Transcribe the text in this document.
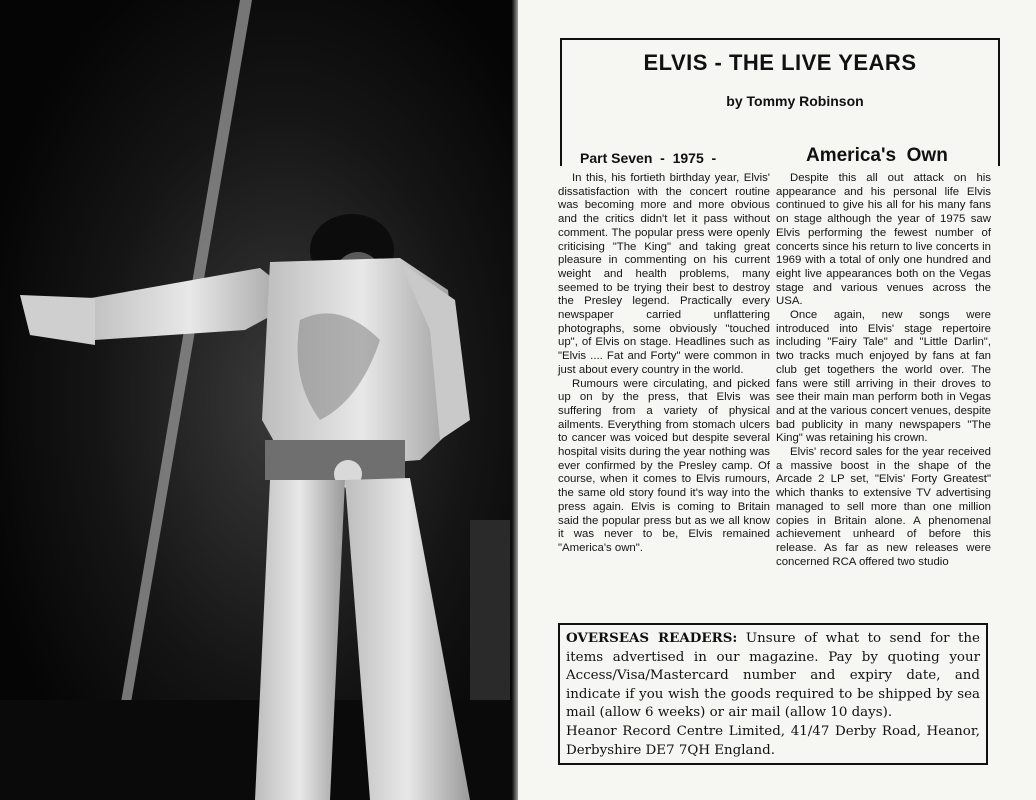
ELVIS - THE LIVE YEARS
by Tommy Robinson
Part Seven  -  1975  -	America's  Own

In this, his fortieth birthday year, Elvis' dissatisfaction with the concert routine was becoming more and more obvious and the critics didn't let it pass without comment. The popular press were openly criticising "The King" and taking great pleasure in commenting on his current weight and health problems, many seemed to be trying their best to destroy the Presley legend. Practically every newspaper carried unflattering photographs, some obviously "touched up", of Elvis on stage. Headlines such as "Elvis .... Fat and Forty" were common in just about every country in the world.

Rumours were circulating, and picked up on by the press, that Elvis was suffering from a variety of physical ailments. Everything from stomach ulcers to cancer was voiced but despite several hospital visits during the year nothing was ever confirmed by the Presley camp. Of course, when it comes to Elvis rumours, the same old story found it's way into the press again. Elvis is coming to Britain said the popular press but as we all know it was never to be, Elvis remained "America's own".

Despite this all out attack on his appearance and his personal life Elvis continued to give his all for his many fans on stage although the year of 1975 saw Elvis performing the fewest number of concerts since his return to live concerts in 1969 with a total of only one hundred and eight live appearances both on the Vegas stage and various venues across the USA.

Once again, new songs were introduced into Elvis' stage repertoire including "Fairy Tale" and "Little Darlin", two tracks much enjoyed by fans at fan club get togethers the world over. The fans were still arriving in their droves to see their main man perform both in Vegas and at the various concert venues, despite bad publicity in many newspapers "The King" was retaining his crown.

Elvis' record sales for the year received a massive boost in the shape of the Arcade 2 LP set, "Elvis' Forty Greatest" which thanks to extensive TV advertising managed to sell more than one million copies in Britain alone. A phenomenal achievement unheard of before this release. As far as new releases were concerned RCA offered two studio

OVERSEAS READERS: Unsure of what to send for the items advertised in our magazine. Pay by quoting your Access/Visa/Mastercard number and expiry date, and indicate if you wish the goods required to be shipped by sea mail (allow 6 weeks) or air mail (allow 10 days).
Heanor Record Centre Limited, 41/47 Derby Road, Heanor, Derbyshire DE7 7QH England.
